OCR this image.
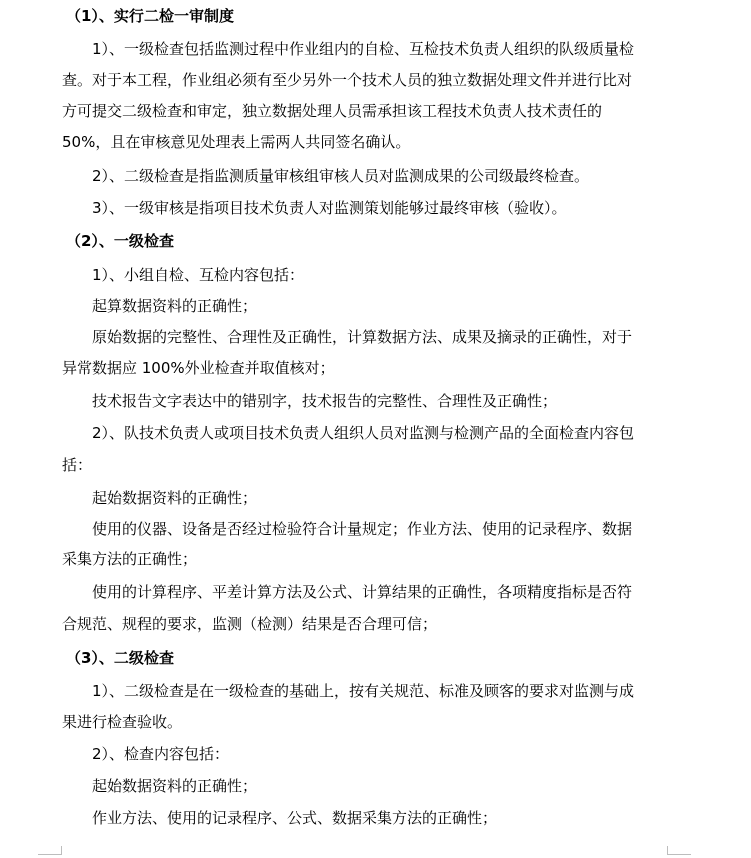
（1）、实行二检一审制度
1）、一级检查包括监测过程中作业组内的自检、互检技术负责人组织的队级质量检
查。对于本工程，作业组必须有至少另外一个技术人员的独立数据处理文件并进行比对
方可提交二级检查和审定，独立数据处理人员需承担该工程技术负责人技术责任的
50%，且在审核意见处理表上需两人共同签名确认。
2）、二级检查是指监测质量审核组审核人员对监测成果的公司级最终检查。
3）、一级审核是指项目技术负责人对监测策划能够过最终审核（验收）。
（2）、一级检查
1）、小组自检、互检内容包括：
起算数据资料的正确性；
原始数据的完整性、合理性及正确性，计算数据方法、成果及摘录的正确性，对于
异常数据应 100%外业检查并取值核对；
技术报告文字表达中的错别字，技术报告的完整性、合理性及正确性；
2）、队技术负责人或项目技术负责人组织人员对监测与检测产品的全面检查内容包
括：
起始数据资料的正确性；
使用的仪器、设备是否经过检验符合计量规定；作业方法、使用的记录程序、数据
采集方法的正确性；
使用的计算程序、平差计算方法及公式、计算结果的正确性，各项精度指标是否符
合规范、规程的要求，监测（检测）结果是否合理可信；
（3）、二级检查
1）、二级检查是在一级检查的基础上，按有关规范、标准及顾客的要求对监测与成
果进行检查验收。
2）、检查内容包括：
起始数据资料的正确性；
作业方法、使用的记录程序、公式、数据采集方法的正确性；
